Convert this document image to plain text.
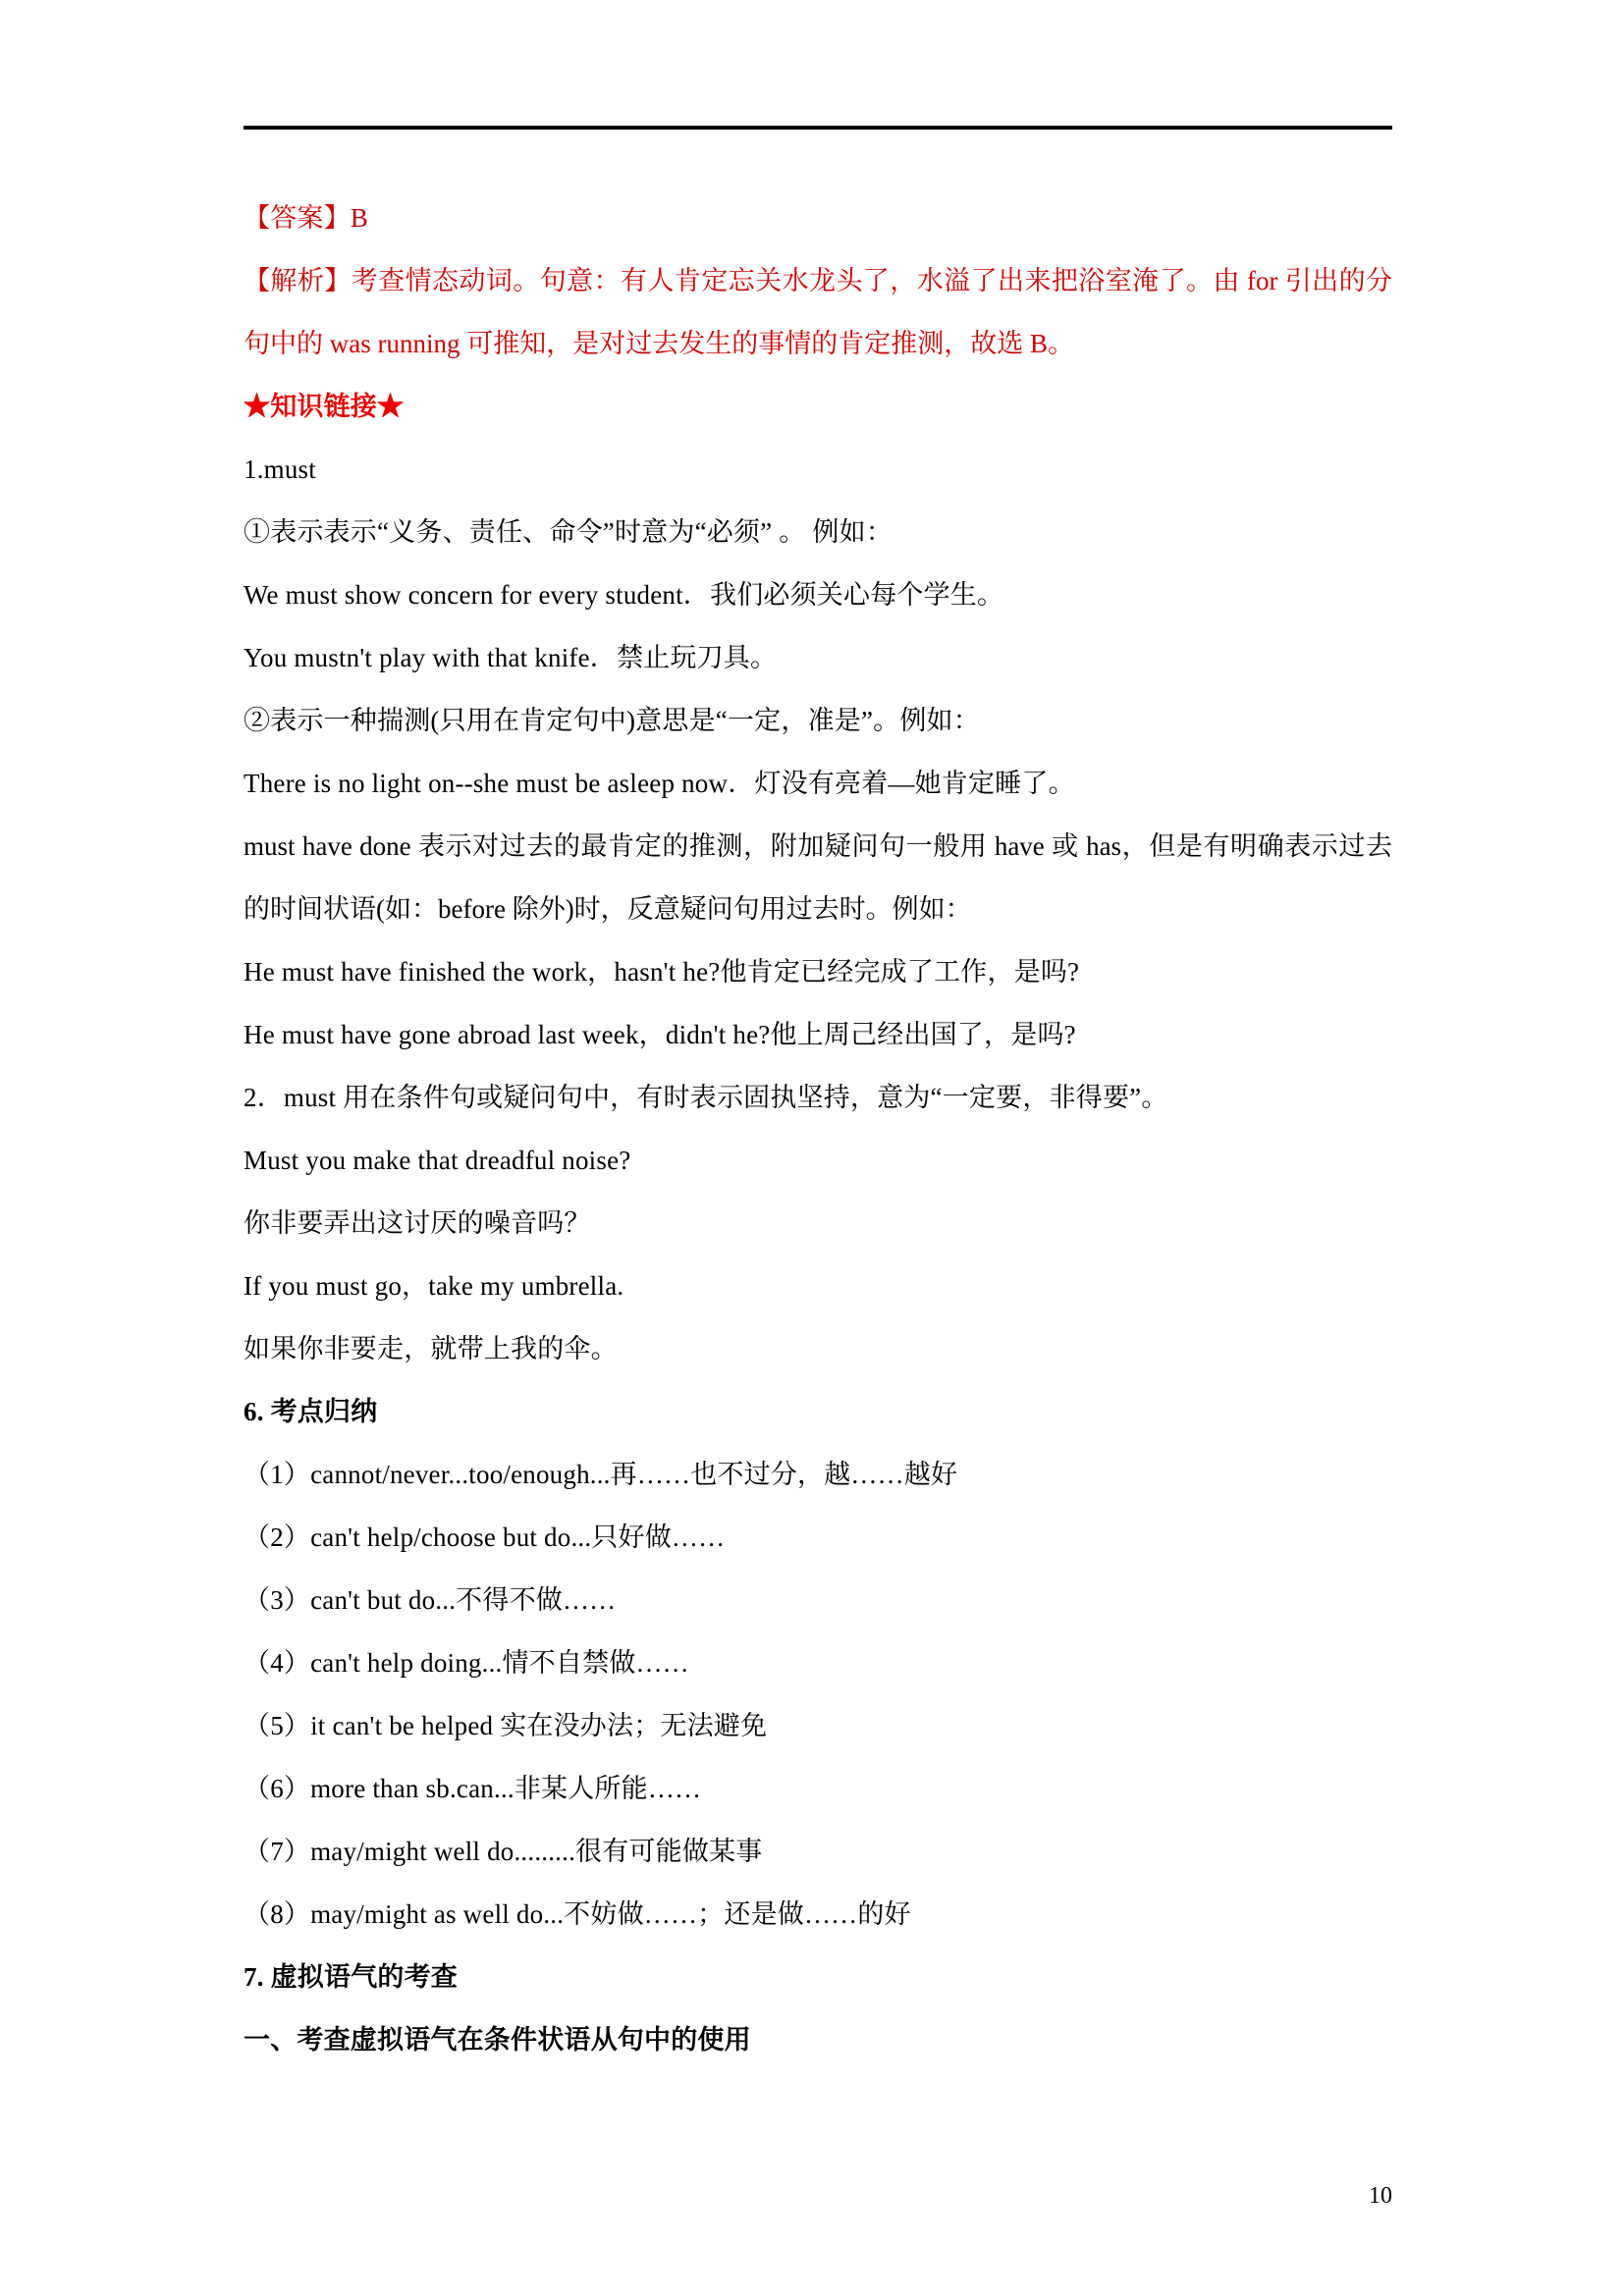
【答案】B

【解析】考查情态动词。句意：有人肯定忘关水龙头了，水溢了出来把浴室淹了。由 for 引出的分句中的 was running 可推知，是对过去发生的事情的肯定推测，故选 B。

★知识链接★

1.must

①表示表示“义务、责任、命令”时意为“必须” 。 例如：

We must show concern for every student．我们必须关心每个学生。

You mustn't play with that knife．禁止玩刀具。

②表示一种揣测(只用在肯定句中)意思是“一定，准是”。例如：

There is no light on--she must be asleep now．灯没有亮着—她肯定睡了。

must have done 表示对过去的最肯定的推测，附加疑问句一般用 have 或 has，但是有明确表示过去的时间状语(如：before 除外)时，反意疑问句用过去时。例如：

He must have finished the work，hasn't he?他肯定已经完成了工作，是吗?

He must have gone abroad last week，didn't he?他上周己经出国了，是吗?

2．must 用在条件句或疑问句中，有时表示固执坚持，意为“一定要，非得要”。

Must you make that dreadful noise?

你非要弄出这讨厌的噪音吗？

If you must go，take my umbrella.

如果你非要走，就带上我的伞。

6. 考点归纳

（1）cannot/never...too/enough...再……也不过分，越……越好

（2）can't help/choose but do...只好做……

（3）can't but do...不得不做……

（4）can't help doing...情不自禁做……

（5）it can't be helped 实在没办法；无法避免

（6）more than sb.can...非某人所能……

（7）may/might well do.........很有可能做某事

（8）may/might as well do...不妨做……；还是做……的好

7. 虚拟语气的考查

一、考查虚拟语气在条件状语从句中的使用

10
